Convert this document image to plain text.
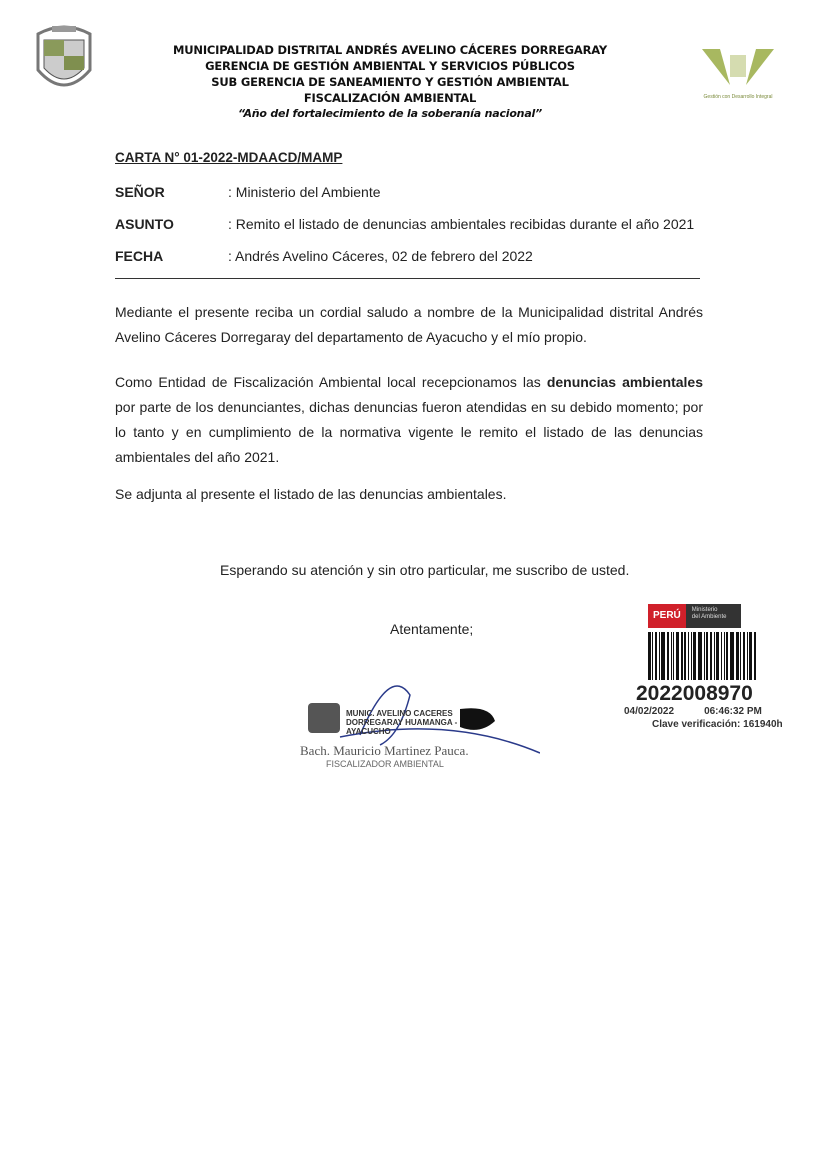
MUNICIPALIDAD DISTRITAL ANDRÉS AVELINO CÁCERES DORREGARAY
GERENCIA DE GESTIÓN AMBIENTAL Y SERVICIOS PÚBLICOS
SUB GERENCIA DE SANEAMIENTO Y GESTIÓN AMBIENTAL
FISCALIZACIÓN AMBIENTAL
“Año del fortalecimiento de la soberanía nacional”
Gestión con Desarrollo Integral
CARTA N° 01-2022-MDAACD/MAMP
SEÑOR	: Ministerio del Ambiente
ASUNTO	: Remito el listado de denuncias ambientales recibidas durante el año 2021
FECHA	: Andrés Avelino Cáceres, 02 de febrero del 2022
Mediante el presente reciba un cordial saludo a nombre de la Municipalidad distrital Andrés Avelino Cáceres Dorregaray del departamento de Ayacucho y el mío propio.
Como Entidad de Fiscalización Ambiental local recepcionamos las denuncias ambientales por parte de los denunciantes, dichas denuncias fueron atendidas en su debido momento; por lo tanto y en cumplimiento de la normativa vigente le remito el listado de las denuncias ambientales del año 2021.
Se adjunta al presente el listado de las denuncias ambientales.
Esperando su atención y sin otro particular, me suscribo de usted.
Atentamente;
MUNIC. AVELINO CACERES DORREGARAY HUAMANGA - AYACUCHO
Bach. Mauricio Martinez Pauca.
FISCALIZADOR AMBIENTAL
PERÚ	Ministerio
del Ambiente
2022008970
04/02/2022	06:46:32 PM
Clave verificación: 161940h
